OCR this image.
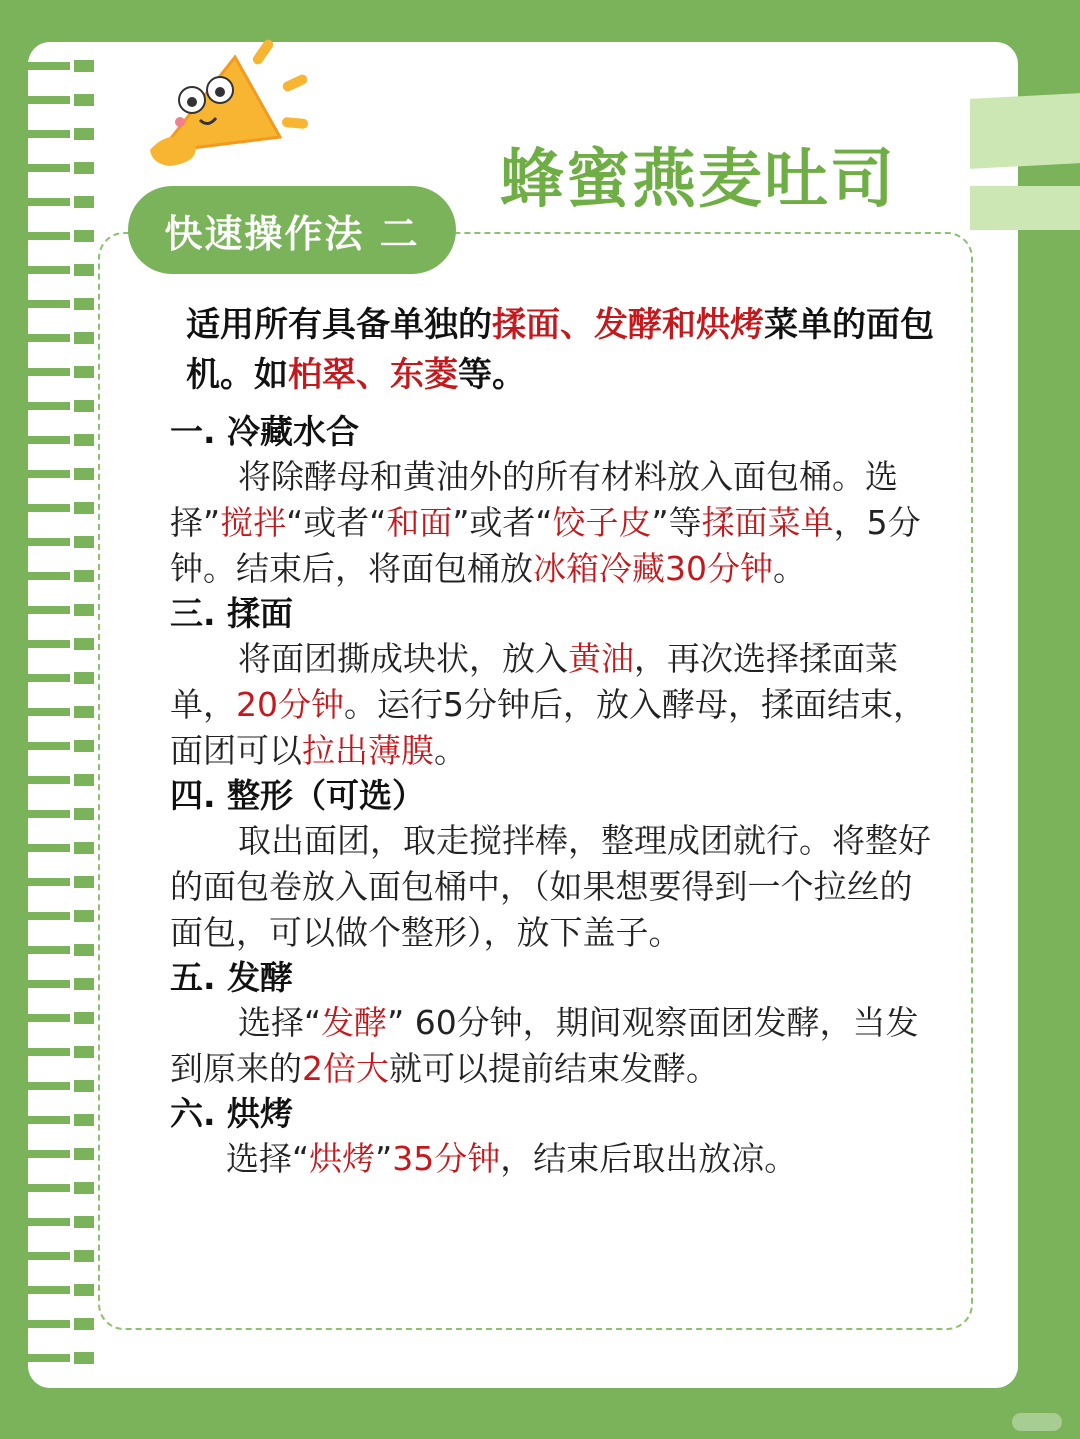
蜂蜜燕麦吐司
快速操作法 二
适用所有具备单独的揉面、发酵和烘烤菜单的面包机。如柏翠、东菱等。
一. 冷藏水合
将除酵母和黄油外的所有材料放入面包桶。选择”搅拌“或者“和面”或者“饺子皮”等揉面菜单，5分钟。结束后，将面包桶放冰箱冷藏30分钟。
三. 揉面
将面团撕成块状，放入黄油，再次选择揉面菜单，20分钟。运行5分钟后，放入酵母，揉面结束，面团可以拉出薄膜。
四. 整形（可选）
取出面团，取走搅拌棒，整理成团就行。将整好的面包卷放入面包桶中，（如果想要得到一个拉丝的面包，可以做个整形），放下盖子。
五. 发酵
选择“发酵” 60分钟，期间观察面团发酵，当发到原来的2倍大就可以提前结束发酵。
六. 烘烤
选择“烘烤”35分钟，结束后取出放凉。
